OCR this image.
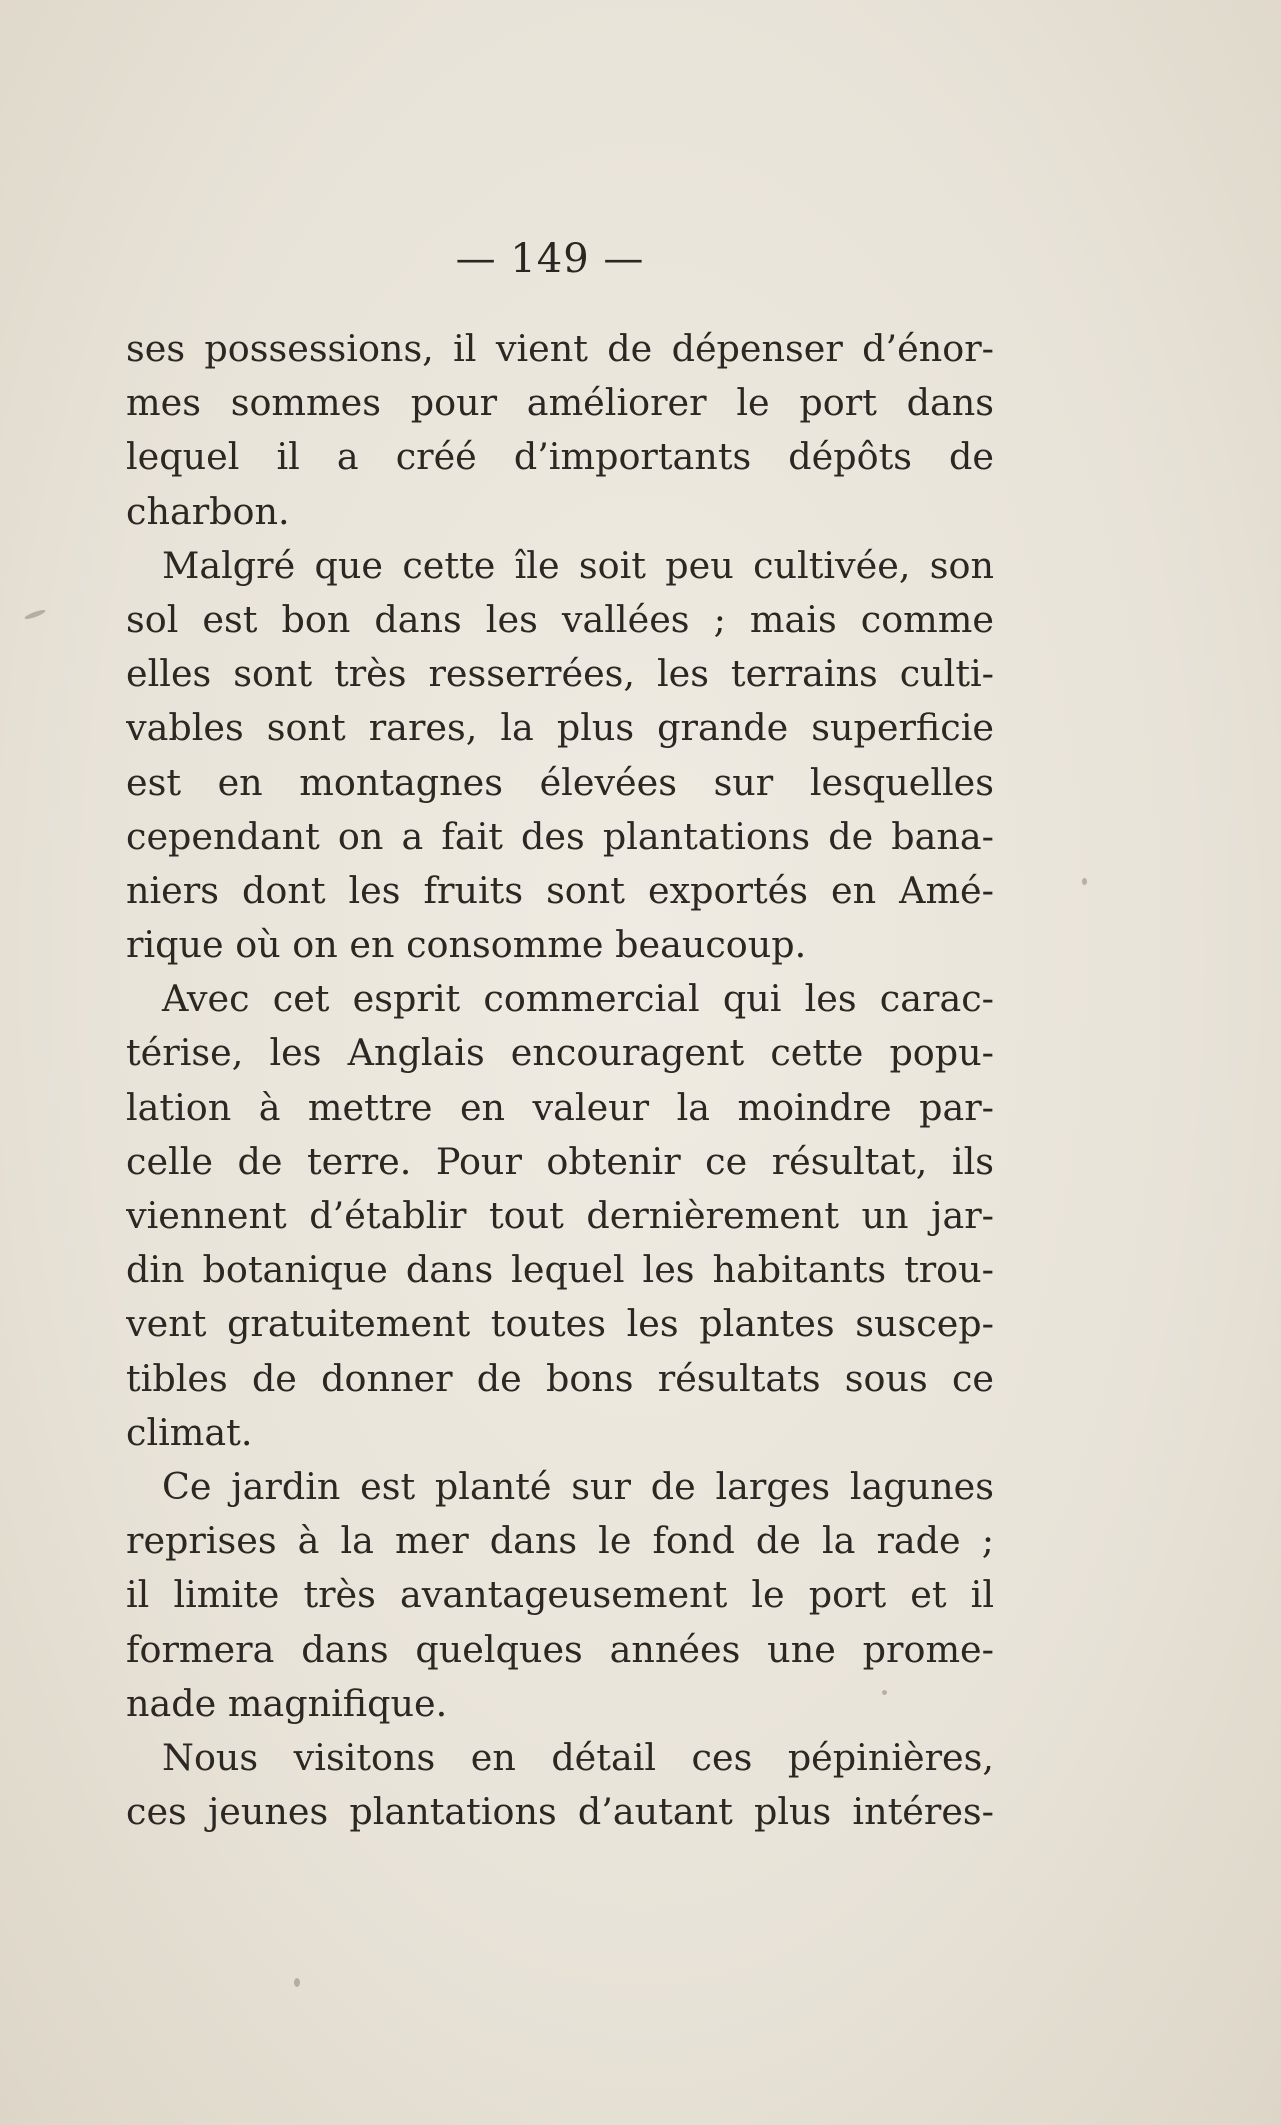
— 149 —
ses possessions, il vient de dépenser d’énor-
mes sommes pour améliorer le port dans
lequel il a créé d’importants dépôts de
charbon.
Malgré que cette île soit peu cultivée, son
sol est bon dans les vallées ; mais comme
elles sont très resserrées, les terrains culti-
vables sont rares, la plus grande superficie
est en montagnes élevées sur lesquelles
cependant on a fait des plantations de bana-
niers dont les fruits sont exportés en Amé-
rique où on en consomme beaucoup.
Avec cet esprit commercial qui les carac-
térise, les Anglais encouragent cette popu-
lation à mettre en valeur la moindre par-
celle de terre. Pour obtenir ce résultat, ils
viennent d’établir tout dernièrement un jar-
din botanique dans lequel les habitants trou-
vent gratuitement toutes les plantes suscep-
tibles de donner de bons résultats sous ce
climat.
Ce jardin est planté sur de larges lagunes
reprises à la mer dans le fond de la rade ;
il limite très avantageusement le port et il
formera dans quelques années une prome-
nade magnifique.
Nous visitons en détail ces pépinières,
ces jeunes plantations d’autant plus intéres-
